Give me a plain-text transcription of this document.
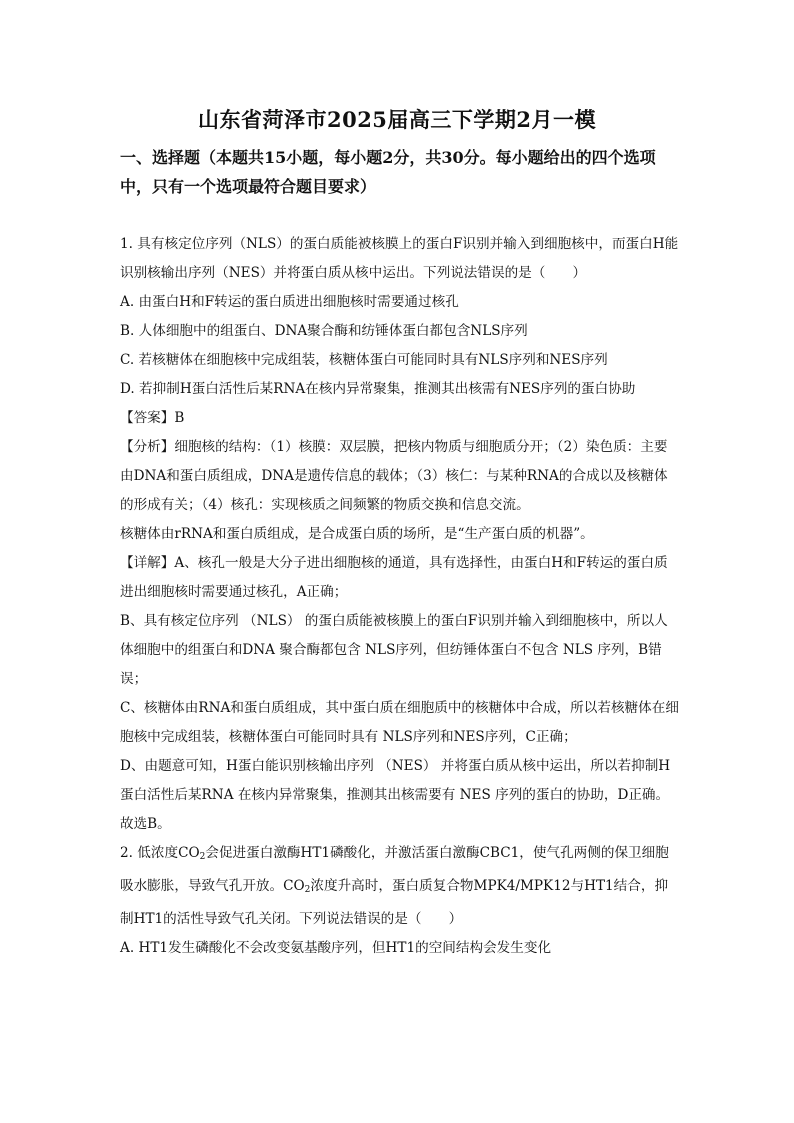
山东省菏泽市2025届高三下学期2月一模
一、选择题（本题共15小题，每小题2分，共30分。每小题给出的四个选项中，只有一个选项最符合题目要求）

1. 具有核定位序列（NLS）的蛋白质能被核膜上的蛋白F识别并输入到细胞核中，而蛋白H能识别核输出序列（NES）并将蛋白质从核中运出。下列说法错误的是（　　）

A. 由蛋白H和F转运的蛋白质进出细胞核时需要通过核孔

B. 人体细胞中的组蛋白、DNA聚合酶和纺锤体蛋白都包含NLS序列

C. 若核糖体在细胞核中完成组装，核糖体蛋白可能同时具有NLS序列和NES序列

D. 若抑制H蛋白活性后某RNA在核内异常聚集，推测其出核需有NES序列的蛋白协助

【答案】B

【分析】细胞核的结构：（1）核膜：双层膜，把核内物质与细胞质分开；（2）染色质：主要由DNA和蛋白质组成，DNA是遗传信息的载体；（3）核仁：与某种RNA的合成以及核糖体的形成有关；（4）核孔：实现核质之间频繁的物质交换和信息交流。

核糖体由rRNA和蛋白质组成，是合成蛋白质的场所，是“生产蛋白质的机器”。

【详解】A、核孔一般是大分子进出细胞核的通道，具有选择性，由蛋白H和F转运的蛋白质进出细胞核时需要通过核孔，A正确；

B、具有核定位序列 （NLS） 的蛋白质能被核膜上的蛋白F识别并输入到细胞核中，所以人体细胞中的组蛋白和DNA 聚合酶都包含 NLS序列，但纺锤体蛋白不包含 NLS 序列，B错误；

C、核糖体由RNA和蛋白质组成，其中蛋白质在细胞质中的核糖体中合成，所以若核糖体在细胞核中完成组装，核糖体蛋白可能同时具有 NLS序列和NES序列，C正确；

D、由题意可知，H蛋白能识别核输出序列 （NES） 并将蛋白质从核中运出，所以若抑制H蛋白活性后某RNA 在核内异常聚集，推测其出核需要有 NES 序列的蛋白的协助，D正确。

故选B。

2. 低浓度$CO_2$会促进蛋白激酶HT1磷酸化，并激活蛋白激酶CBC1，使气孔两侧的保卫细胞吸水膨胀，导致气孔开放。$CO_2$浓度升高时，蛋白质复合物MPK4/MPK12与HT1结合，抑制HT1的活性导致气孔关闭。下列说法错误的是（　　）

A. HT1发生磷酸化不会改变氨基酸序列，但HT1的空间结构会发生变化
